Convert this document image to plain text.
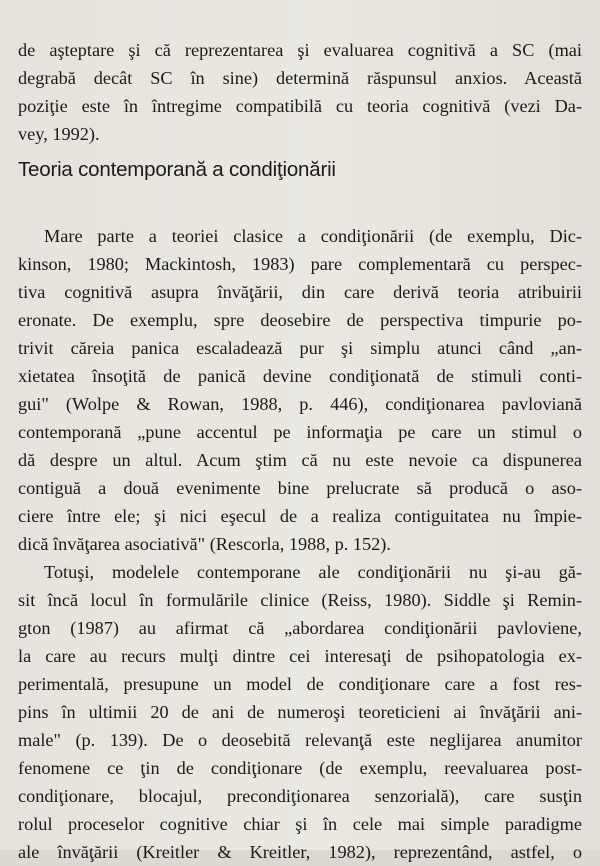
de aşteptare şi că reprezentarea şi evaluarea cognitivă a SC (mai
degrabă decât SC în sine) determină răspunsul anxios. Această
poziţie este în întregime compatibilă cu teoria cognitivă (vezi Da-
vey, 1992).
Teoria contemporană a condiţionării
Mare parte a teoriei clasice a condiţionării (de exemplu, Dic-
kinson, 1980; Mackintosh, 1983) pare complementară cu perspec-
tiva cognitivă asupra învăţării, din care derivă teoria atribuirii
eronate. De exemplu, spre deosebire de perspectiva timpurie po-
trivit căreia panica escaladează pur şi simplu atunci când „an-
xietatea însoţită de panică devine condiţionată de stimuli conti-
gui" (Wolpe & Rowan, 1988, p. 446), condiţionarea pavloviană
contemporană „pune accentul pe informaţia pe care un stimul o
dă despre un altul. Acum ştim că nu este nevoie ca dispunerea
contiguă a două evenimente bine prelucrate să producă o aso-
ciere între ele; şi nici eşecul de a realiza contiguitatea nu împie-
dică învăţarea asociativă" (Rescorla, 1988, p. 152).
Totuşi, modelele contemporane ale condiţionării nu şi-au gă-
sit încă locul în formulările clinice (Reiss, 1980). Siddle şi Remin-
gton (1987) au afirmat că „abordarea condiţionării pavloviene,
la care au recurs mulţi dintre cei interesaţi de psihopatologia ex-
perimentală, presupune un model de condiţionare care a fost res-
pins în ultimii 20 de ani de numeroşi teoreticieni ai învăţării ani-
male" (p. 139). De o deosebită relevanţă este neglijarea anumitor
fenomene ce ţin de condiţionare (de exemplu, reevaluarea post-
condiţionare, blocajul, precondiţionarea senzorială), care susţin
rolul proceselor cognitive chiar şi în cele mai simple paradigme
ale învăţării (Kreitler & Kreitler, 1982), reprezentând, astfel, o
